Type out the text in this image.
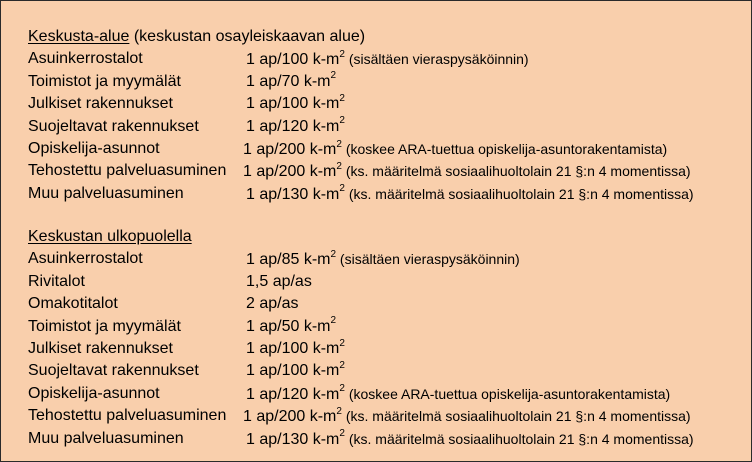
Keskusta-alue (keskustan osayleiskaavan alue)
Asuinkerrostalot	1 ap/100 $k-m^2$ (sisältäen vieraspysäköinnin)
Toimistot ja myymälät	1 ap/70 $k-m^2$
Julkiset rakennukset	1 ap/100 $k-m^2$
Suojeltavat rakennukset	1 ap/120 $k-m^2$
Opiskelija-asunnot	1 ap/200 $k-m^2$ (koskee ARA-tuettua opiskelija-asuntorakentamista)
Tehostettu palveluasuminen 1 ap/200 $k-m^2$ (ks. määritelmä sosiaalihuoltolain 21 §:n 4 momentissa)
Muu palveluasuminen	1 ap/130 $k-m^2$ (ks. määritelmä sosiaalihuoltolain 21 §:n 4 momentissa)
Keskustan ulkopuolella
Asuinkerrostalot	1 ap/85 $k-m^2$ (sisältäen vieraspysäköinnin)
Rivitalot	1,5 ap/as
Omakotitalot	2 ap/as
Toimistot ja myymälät	1 ap/50 $k-m^2$
Julkiset rakennukset	1 ap/100 $k-m^2$
Suojeltavat rakennukset	1 ap/100 $k-m^2$
Opiskelija-asunnot	1 ap/120 $k-m^2$ (koskee ARA-tuettua opiskelija-asuntorakentamista)
Tehostettu palveluasuminen 1 ap/200 $k-m^2$ (ks. määritelmä sosiaalihuoltolain 21 §:n 4 momentissa)
Muu palveluasuminen	1 ap/130 $k-m^2$ (ks. määritelmä sosiaalihuoltolain 21 §:n 4 momentissa)
